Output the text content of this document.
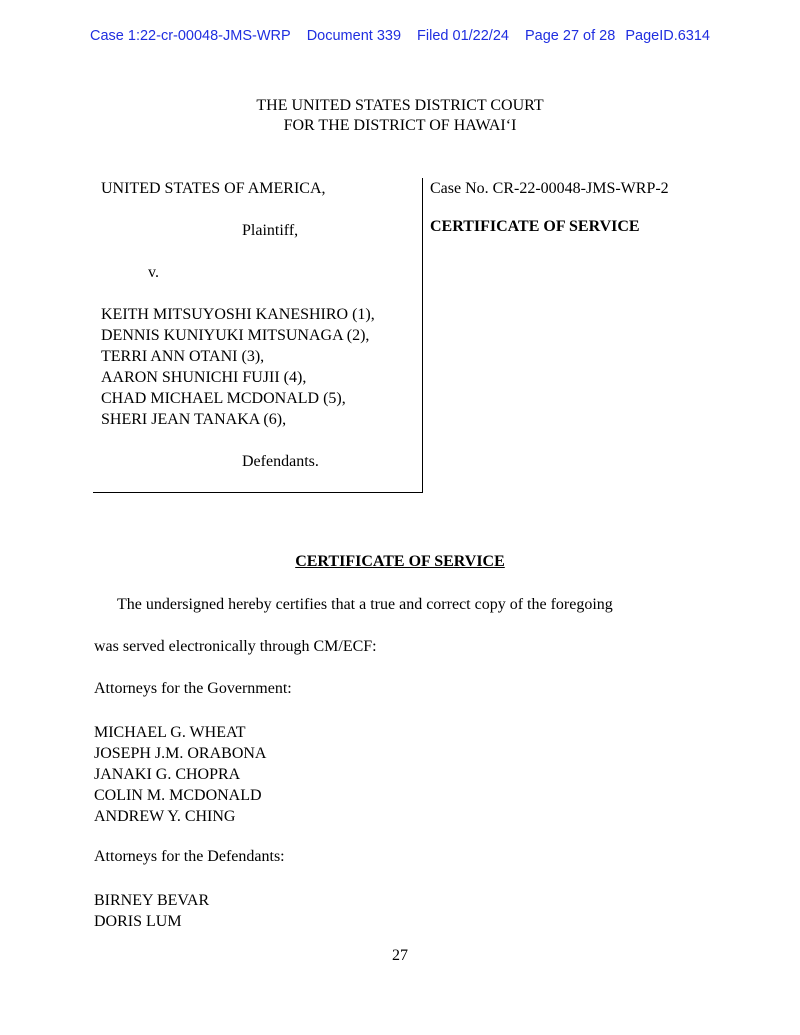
Case 1:22-cr-00048-JMS-WRP Document 339 Filed 01/22/24 Page 27 of 28 PageID.6314
THE UNITED STATES DISTRICT COURT
FOR THE DISTRICT OF HAWAI‘I
UNITED STATES OF AMERICA,
Plaintiff,
v.
KEITH MITSUYOSHI KANESHIRO (1),
DENNIS KUNIYUKI MITSUNAGA (2),
TERRI ANN OTANI (3),
AARON SHUNICHI FUJII (4),
CHAD MICHAEL MCDONALD (5),
SHERI JEAN TANAKA (6),
Defendants.
Case No. CR-22-00048-JMS-WRP-2
CERTIFICATE OF SERVICE
CERTIFICATE OF SERVICE
The undersigned hereby certifies that a true and correct copy of the foregoing
was served electronically through CM/ECF:
Attorneys for the Government:
MICHAEL G. WHEAT
JOSEPH J.M. ORABONA
JANAKI G. CHOPRA
COLIN M. MCDONALD
ANDREW Y. CHING
Attorneys for the Defendants:
BIRNEY BEVAR
DORIS LUM
27
